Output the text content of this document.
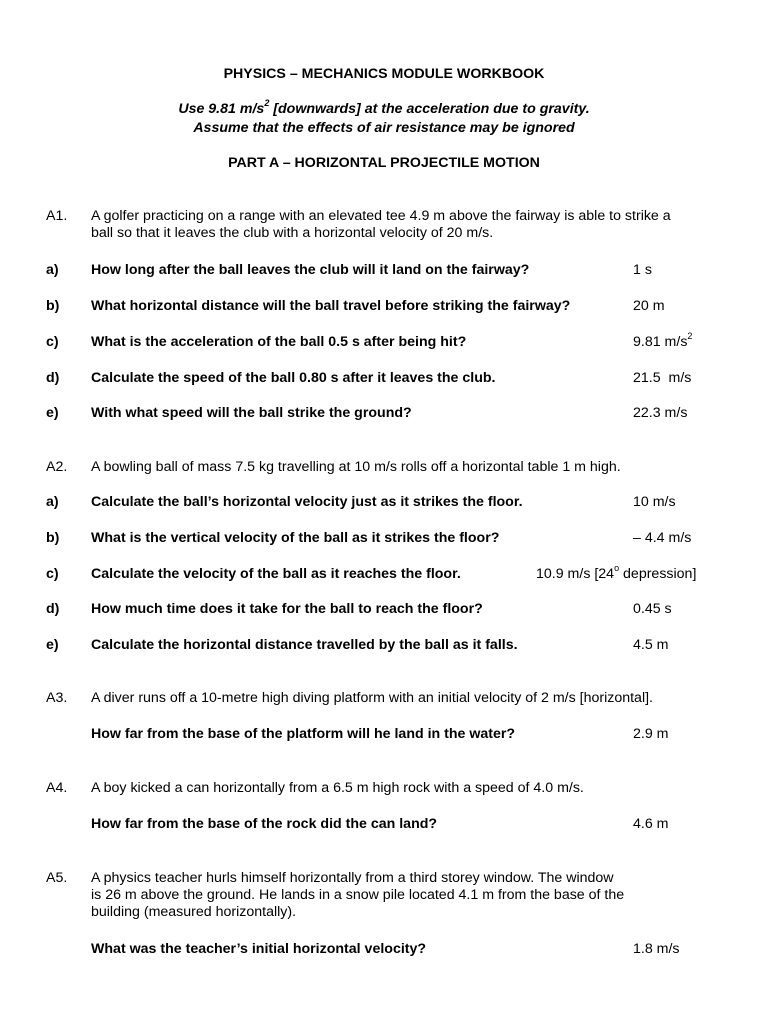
PHYSICS – MECHANICS MODULE WORKBOOK
Use 9.81 $m/s^2$ [downwards] at the acceleration due to gravity.
Assume that the effects of air resistance may be ignored
PART A – HORIZONTAL PROJECTILE MOTION
A1. A golfer practicing on a range with an elevated tee 4.9 m above the fairway is able to strike a
ball so that it leaves the club with a horizontal velocity of 20 m/s.
a) How long after the ball leaves the club will it land on the fairway?	1 s
b) What horizontal distance will the ball travel before striking the fairway?	20 m
c) What is the acceleration of the ball 0.5 s after being hit?	9.81 $m/s^2$
d) Calculate the speed of the ball 0.80 s after it leaves the club.	21.5  m/s
e) With what speed will the ball strike the ground?	22.3 m/s
A2. A bowling ball of mass 7.5 kg travelling at 10 m/s rolls off a horizontal table 1 m high.
a) Calculate the ball’s horizontal velocity just as it strikes the floor.	10 m/s
b) What is the vertical velocity of the ball as it strikes the floor?	– 4.4 m/s
c) Calculate the velocity of the ball as it reaches the floor.	10.9 m/s [24$^o$ depression]
d) How much time does it take for the ball to reach the floor?	0.45 s
e) Calculate the horizontal distance travelled by the ball as it falls.	4.5 m
A3. A diver runs off a 10-metre high diving platform with an initial velocity of 2 m/s [horizontal].
How far from the base of the platform will he land in the water?	2.9 m
A4. A boy kicked a can horizontally from a 6.5 m high rock with a speed of 4.0 m/s.
How far from the base of the rock did the can land?	4.6 m
A5. A physics teacher hurls himself horizontally from a third storey window. The window
is 26 m above the ground. He lands in a snow pile located 4.1 m from the base of the
building (measured horizontally).
What was the teacher’s initial horizontal velocity?	1.8 m/s
